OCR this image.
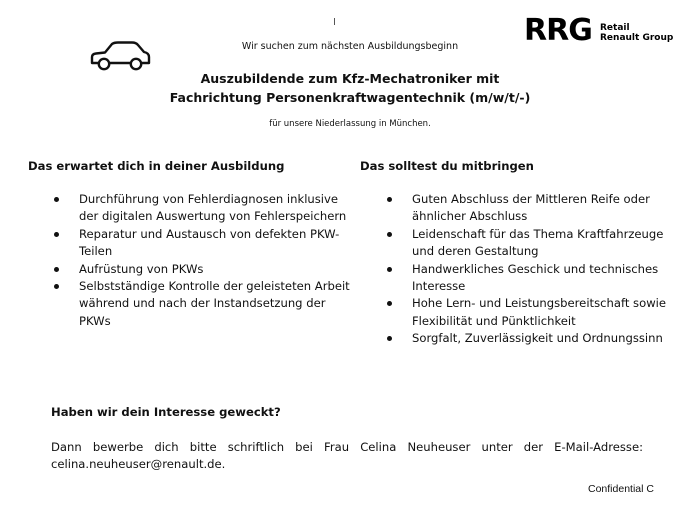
RRG Retail
Renault Group
Wir suchen zum nächsten Ausbildungsbeginn
Auszubildende zum Kfz-Mechatroniker mit
Fachrichtung Personenkraftwagentechnik (m/w/t/-)
für unsere Niederlassung in München.
Das erwartet dich in deiner Ausbildung
Durchführung von Fehlerdiagnosen inklusive der digitalen Auswertung von Fehlerspeichern
Reparatur und Austausch von defekten PKW-Teilen
Aufrüstung von PKWs
Selbstständige Kontrolle der geleisteten Arbeit während und nach der Instandsetzung der PKWs
Das solltest du mitbringen
Guten Abschluss der Mittleren Reife oder ähnlicher Abschluss
Leidenschaft für das Thema Kraftfahrzeuge und deren Gestaltung
Handwerkliches Geschick und technisches Interesse
Hohe Lern- und Leistungsbereitschaft sowie Flexibilität und Pünktlichkeit
Sorgfalt, Zuverlässigkeit und Ordnungssinn
Haben wir dein Interesse geweckt?
Dann bewerbe dich bitte schriftlich bei Frau Celina Neuheuser unter der E-Mail-Adresse: celina.neuheuser@renault.de.
Confidential C
